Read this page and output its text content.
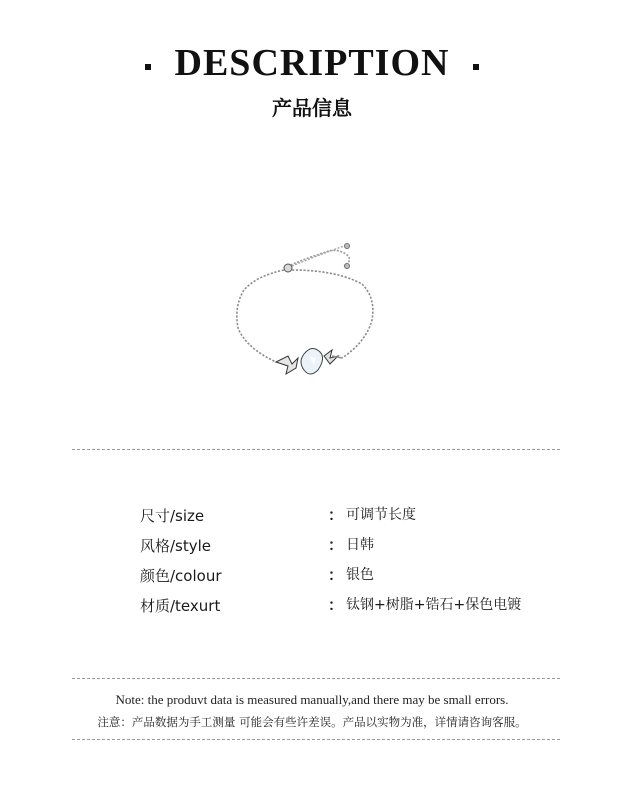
DESCRIPTION
产品信息
尺寸/size	： 可调节长度
风格/style	： 日韩
颜色/colour	： 银色
材质/texurt	： 钛钢+树脂+锆石+保色电镀
Note: the produvt data is measured manually,and there may be small errors.
注意：产品数据为手工测量 可能会有些许差误。产品以实物为准，详情请咨询客服。
